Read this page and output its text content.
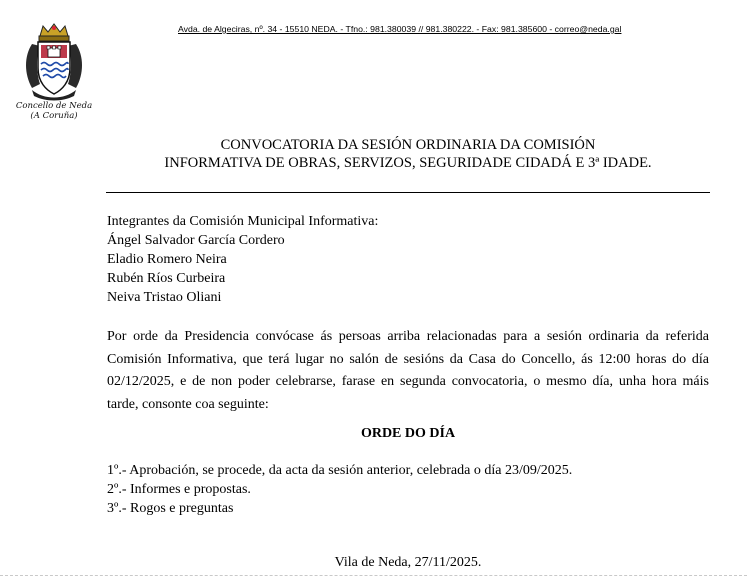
Concello de Neda
(A Coruña)
Avda. de Algeciras, nº. 34 - 15510 NEDA. - Tfno.: 981.380039 // 981.380222. - Fax: 981.385600 - correo@neda.gal
CONVOCATORIA DA SESIÓN ORDINARIA DA COMISIÓN
INFORMATIVA DE OBRAS, SERVIZOS, SEGURIDADE CIDADÁ E 3ª IDADE.
Integrantes da Comisión Municipal Informativa:
Ángel Salvador García Cordero
Eladio Romero Neira
Rubén Ríos Curbeira
Neiva Tristao Oliani
Por orde da Presidencia convócase ás persoas arriba relacionadas para a sesión ordinaria da referida Comisión Informativa, que terá lugar no salón de sesións da Casa do Concello, ás 12:00 horas do día 02/12/2025, e de non poder celebrarse, farase en segunda convocatoria, o mesmo día, unha hora máis tarde, consonte coa seguinte:
ORDE DO DÍA
1º.- Aprobación, se procede, da acta da sesión anterior, celebrada o día 23/09/2025.
2º.- Informes e propostas.
3º.- Rogos e preguntas
Vila de Neda, 27/11/2025.
